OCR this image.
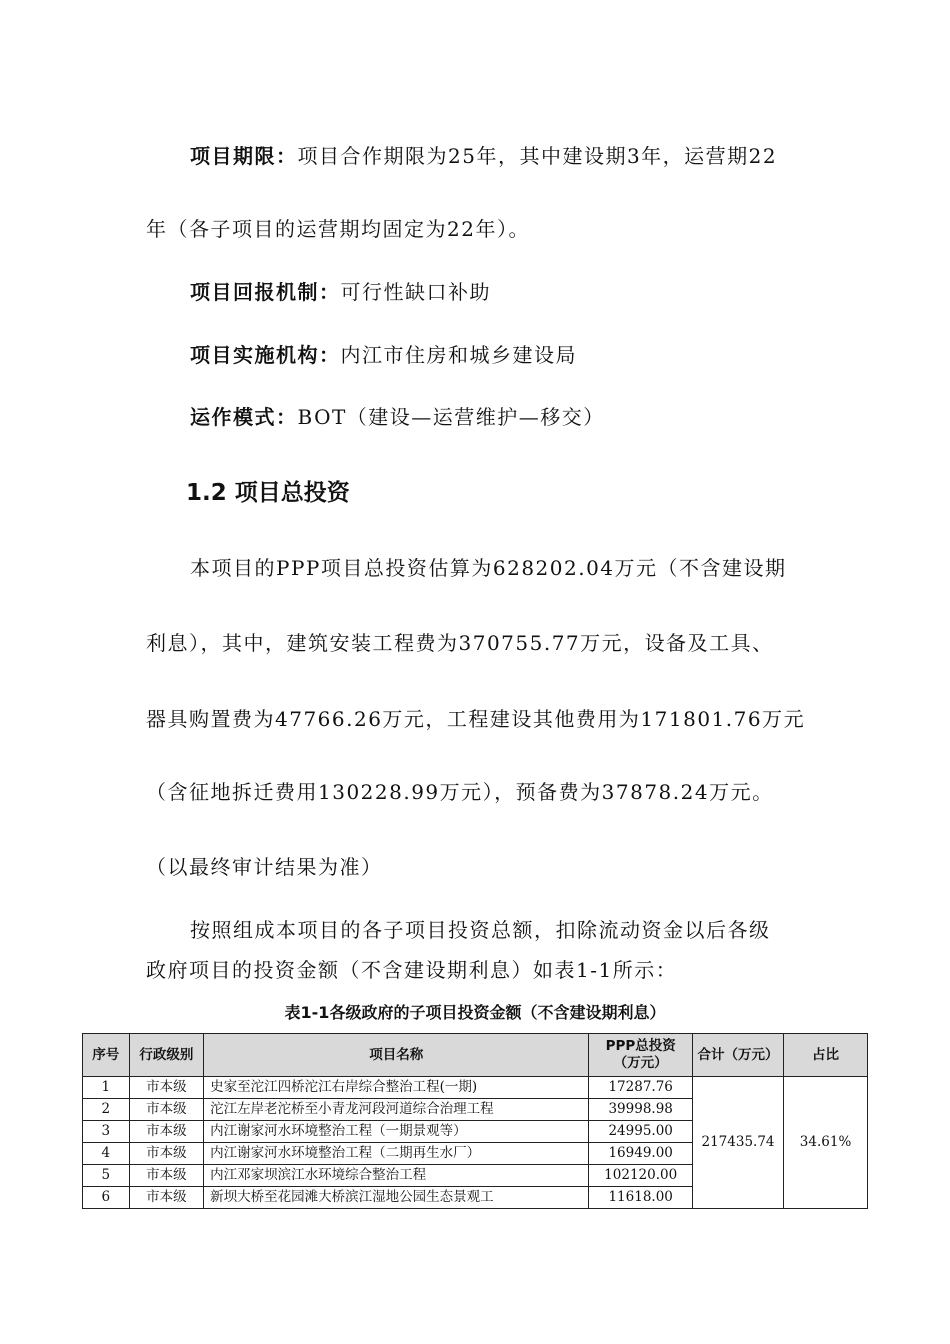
项目期限：项目合作期限为25年，其中建设期3年，运营期22
年（各子项目的运营期均固定为22年）。
项目回报机制：可行性缺口补助
项目实施机构：内江市住房和城乡建设局
运作模式：BOT（建设—运营维护—移交）
1.2 项目总投资
本项目的PPP项目总投资估算为628202.04万元（不含建设期
利息），其中，建筑安装工程费为370755.77万元，设备及工具、
器具购置费为47766.26万元，工程建设其他费用为171801.76万元
（含征地拆迁费用130228.99万元），预备费为37878.24万元。
（以最终审计结果为准）
按照组成本项目的各子项目投资总额，扣除流动资金以后各级
政府项目的投资金额（不含建设期利息）如表1-1所示：
表1-1各级政府的子项目投资金额（不含建设期利息）
序号	行政级别	项目名称	PPP总投资（万元）	合计（万元）	占比
1	市本级	史家至沱江四桥沱江右岸综合整治工程(一期)	17287.76	217435.74	34.61%
2	市本级	沱江左岸老沱桥至小青龙河段河道综合治理工程	39998.98		
3	市本级	内江谢家河水环境整治工程（一期景观等）	24995.00		
4	市本级	内江谢家河水环境整治工程（二期再生水厂）	16949.00		
5	市本级	内江邓家坝滨江水环境综合整治工程	102120.00		
6	市本级	新坝大桥至花园滩大桥滨江湿地公园生态景观工	11618.00		
